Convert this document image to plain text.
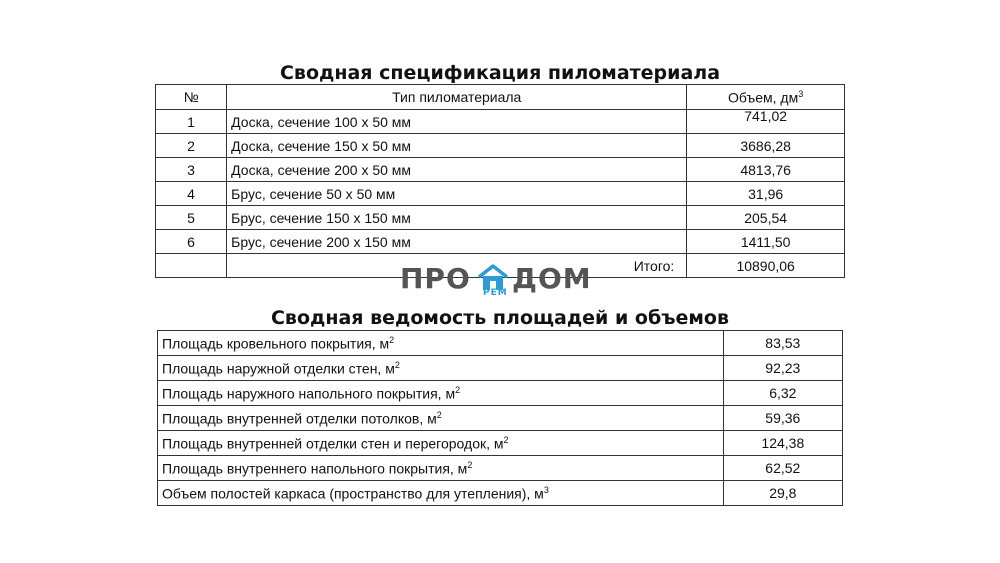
Сводная спецификация пиломатериала
№	Тип пиломатериала	Объем, $дм^3$
1	Доска, сечение 100 х 50 мм	741,02
2	Доска, сечение 150 х 50 мм	3686,28
3	Доска, сечение 200 х 50 мм	4813,76
4	Брус, сечение 50 х 50 мм	31,96
5	Брус, сечение 150 х 150 мм	205,54
6	Брус, сечение 200 х 150 мм	1411,50
	Итого:	10890,06
ПРО РЕМ ДОМ
Сводная ведомость площадей и объемов
Площадь кровельного покрытия, $м^2$	83,53
Площадь наружной отделки стен, $м^2$	92,23
Площадь наружного напольного покрытия, $м^2$	6,32
Площадь внутренней отделки потолков, $м^2$	59,36
Площадь внутренней отделки стен и перегородок, $м^2$	124,38
Площадь внутреннего напольного покрытия, $м^2$	62,52
Объем полостей каркаса (пространство для утепления), $м^3$	29,8
